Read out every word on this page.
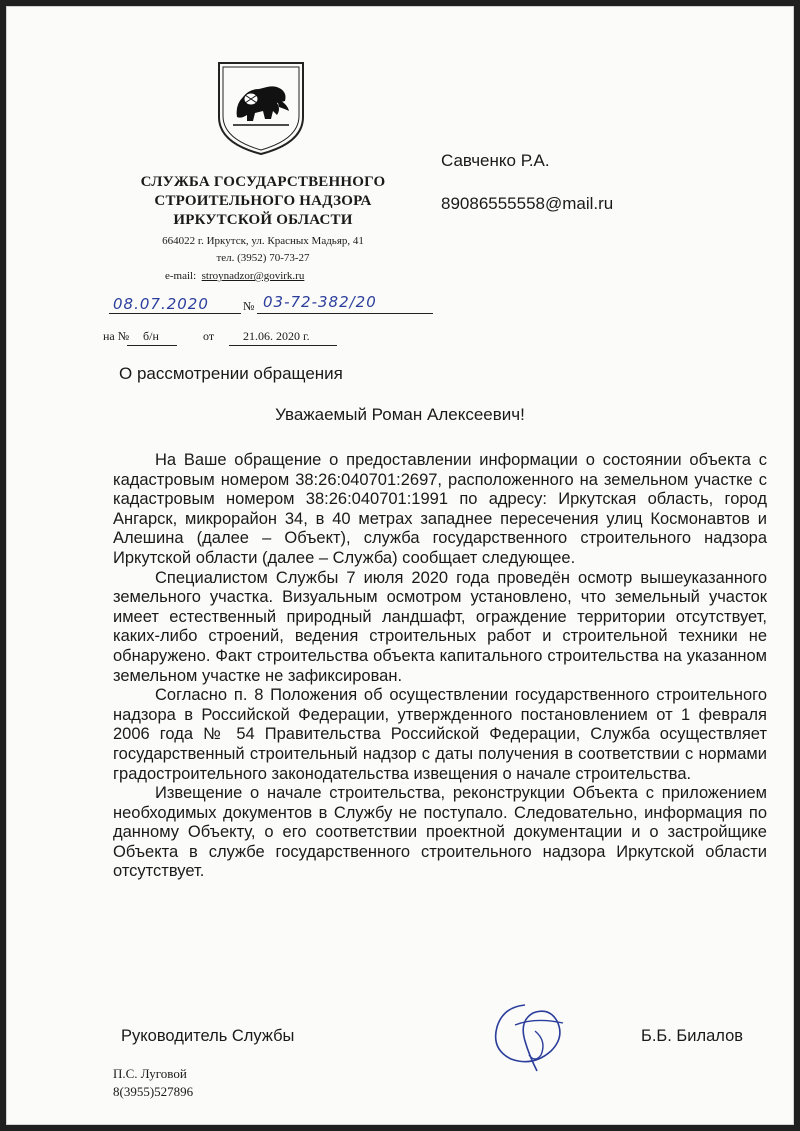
СЛУЖБА ГОСУДАРСТВЕННОГО
СТРОИТЕЛЬНОГО НАДЗОРА
ИРКУТСКОЙ ОБЛАСТИ
664022 г. Иркутск, ул. Красных Мадьяр, 41
тел. (3952) 70-73-27
e-mail: stroynadzor@govirk.ru
Савченко Р.А.
89086555558@mail.ru
08.07.2020	№ 03-72-382/20
на № б/н	от 21.06. 2020 г.
О рассмотрении обращения
Уважаемый Роман Алексеевич!

На Ваше обращение о предоставлении информации о состоянии объекта с кадастровым номером 38:26:040701:2697, расположенного на земельном участке с кадастровым номером 38:26:040701:1991 по адресу: Иркутская область, город Ангарск, микрорайон 34, в 40 метрах западнее пересечения улиц Космонавтов и Алешина (далее – Объект), служба государственного строительного надзора Иркутской области (далее – Служба) сообщает следующее.

Специалистом Службы 7 июля 2020 года проведён осмотр вышеуказанного земельного участка. Визуальным осмотром установлено, что земельный участок имеет естественный природный ландшафт, ограждение территории отсутствует, каких-либо строений, ведения строительных работ и строительной техники не обнаружено. Факт строительства объекта капитального строительства на указанном земельном участке не зафиксирован.

Согласно п. 8 Положения об осуществлении государственного строительного надзора в Российской Федерации, утвержденного постановлением от 1 февраля 2006 года № 54 Правительства Российской Федерации, Служба осуществляет государственный строительный надзор с даты получения в соответствии с нормами градостроительного законодательства извещения о начале строительства.

Извещение о начале строительства, реконструкции Объекта с приложением необходимых документов в Службу не поступало. Следовательно, информация по данному Объекту, о его соответствии проектной документации и о застройщике Объекта в службе государственного строительного надзора Иркутской области отсутствует.

Руководитель Службы	Б.Б. Билалов
П.С. Луговой
8(3955)527896
